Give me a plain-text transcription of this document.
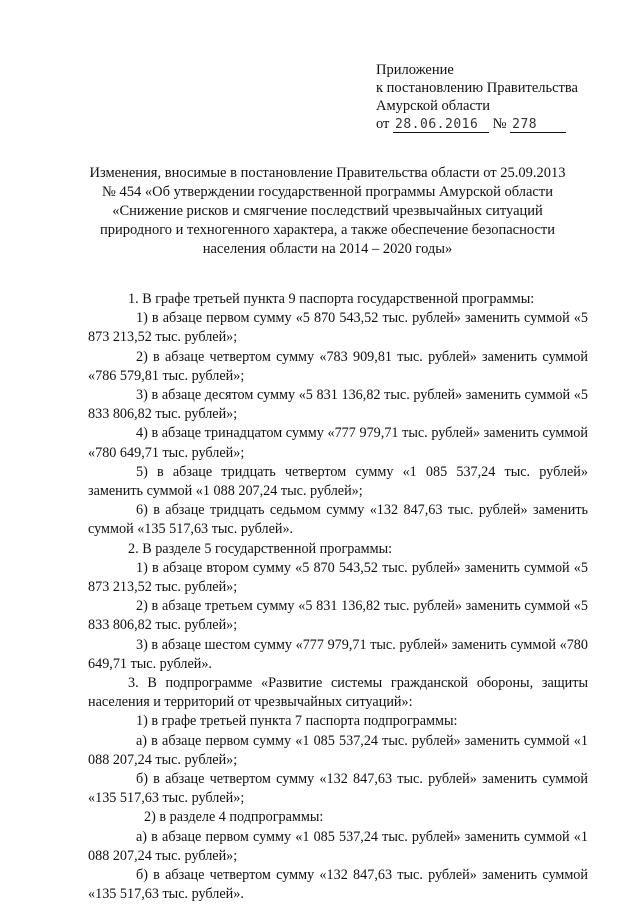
Приложение
к постановлению Правительства
Амурской области
от 28.06.2016 № 278
Изменения, вносимые в постановление Правительства области от 25.09.2013
№ 454 «Об утверждении государственной программы Амурской области
«Снижение рисков и смягчение последствий чрезвычайных ситуаций
природного и техногенного характера, а также обеспечение безопасности
населения области на 2014 – 2020 годы»

1. В графе третьей пункта 9 паспорта государственной программы:

1) в абзаце первом сумму «5 870 543,52 тыс. рублей» заменить суммой «5 873 213,52 тыс. рублей»;

2) в абзаце четвертом сумму «783 909,81 тыс. рублей» заменить суммой «786 579,81 тыс. рублей»;

3) в абзаце десятом сумму «5 831 136,82 тыс. рублей» заменить суммой «5 833 806,82 тыс. рублей»;

4) в абзаце тринадцатом сумму «777 979,71 тыс. рублей» заменить суммой «780 649,71 тыс. рублей»;

5) в абзаце тридцать четвертом сумму «1 085 537,24 тыс. рублей» заменить суммой «1 088 207,24 тыс. рублей»;

6) в абзаце тридцать седьмом сумму «132 847,63 тыс. рублей» заменить суммой «135 517,63 тыс. рублей».

2. В разделе 5 государственной программы:

1) в абзаце втором сумму «5 870 543,52 тыс. рублей» заменить суммой «5 873 213,52 тыс. рублей»;

2) в абзаце третьем сумму «5 831 136,82 тыс. рублей» заменить суммой «5 833 806,82 тыс. рублей»;

3) в абзаце шестом сумму «777 979,71 тыс. рублей» заменить суммой «780 649,71 тыс. рублей».

3. В подпрограмме «Развитие системы гражданской обороны, защиты населения и территорий от чрезвычайных ситуаций»:

1) в графе третьей пункта 7 паспорта подпрограммы:

а) в абзаце первом сумму «1 085 537,24 тыс. рублей» заменить суммой «1 088 207,24 тыс. рублей»;

б) в абзаце четвертом сумму «132 847,63 тыс. рублей» заменить суммой «135 517,63 тыс. рублей»;

2) в разделе 4 подпрограммы:

а) в абзаце первом сумму «1 085 537,24 тыс. рублей» заменить суммой «1 088 207,24 тыс. рублей»;

б) в абзаце четвертом сумму «132 847,63 тыс. рублей» заменить суммой «135 517,63 тыс. рублей».
